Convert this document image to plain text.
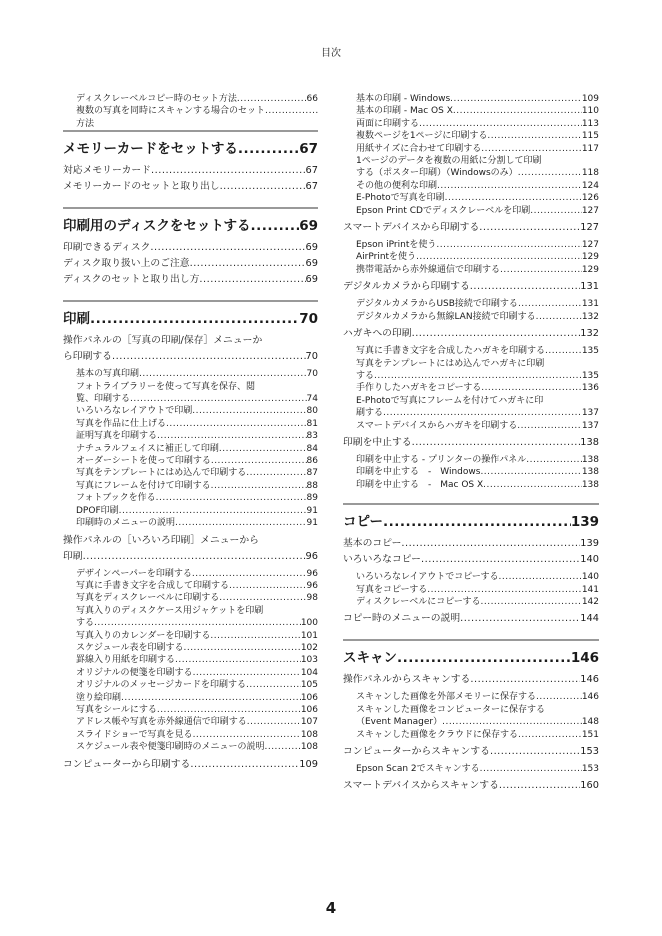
目次
ディスクレーベルコピー時のセット方法 .....	66
複数の写真を同時にスキャンする場合のセット
.....
方法
メモリーカードをセットする .....	67
対応メモリーカード .....	67
メモリーカードのセットと取り出し .....	67
印刷用のディスクをセットする .....	69
印刷できるディスク .....	69
ディスク取り扱い上のご注意 .....	69
ディスクのセットと取り出し方 .....	69
印刷 .....	70
操作パネルの［写真の印刷/保存］メニューか
ら印刷する .....	70
基本の写真印刷 .....	70
フォトライブラリーを使って写真を保存、閲
覧、印刷する .....	74
いろいろなレイアウトで印刷 .....	80
写真を作品に仕上げる .....	81
証明写真を印刷する .....	83
ナチュラルフェイスに補正して印刷 .....	84
オーダーシートを使って印刷する .....	86
写真をテンプレートにはめ込んで印刷する .....	87
写真にフレームを付けて印刷する .....	88
フォトブックを作る .....	89
DPOF印刷 .....	91
印刷時のメニューの説明 .....	91
操作パネルの［いろいろ印刷］メニューから
印刷 .....	96
デザインペーパーを印刷する .....	96
写真に手書き文字を合成して印刷する .....	96
写真をディスクレーベルに印刷する .....	98
写真入りのディスクケース用ジャケットを印刷
する .....	100
写真入りのカレンダーを印刷する .....	101
スケジュール表を印刷する .....	102
罫線入り用紙を印刷する .....	103
オリジナルの便箋を印刷する .....	104
オリジナルのメッセージカードを印刷する .....	105
塗り絵印刷 .....	106
写真をシールにする .....	106
アドレス帳や写真を赤外線通信で印刷する .....	107
スライドショーで写真を見る .....	108
スケジュール表や便箋印刷時のメニューの説明 .....	108
コンピューターから印刷する .....	109
基本の印刷 - Windows .....	109
基本の印刷 - Mac OS X .....	110
両面に印刷する .....	113
複数ページを1ページに印刷する .....	115
用紙サイズに合わせて印刷する .....	117
1ページのデータを複数の用紙に分割して印刷
する（ポスター印刷）（Windowsのみ） .....	118
その他の便利な印刷 .....	124
E-Photoで写真を印刷 .....	126
Epson Print CDでディスクレーベルを印刷 .....	127
スマートデバイスから印刷する .....	127
Epson iPrintを使う .....	127
AirPrintを使う .....	129
携帯電話から赤外線通信で印刷する .....	129
デジタルカメラから印刷する .....	131
デジタルカメラからUSB接続で印刷する .....	131
デジタルカメラから無線LAN接続で印刷する .....	132
ハガキへの印刷 .....	132
写真に手書き文字を合成したハガキを印刷する .....	135
写真をテンプレートにはめ込んでハガキに印刷
する .....	135
手作りしたハガキをコピーする .....	136
E-Photoで写真にフレームを付けてハガキに印
刷する .....	137
スマートデバイスからハガキを印刷する .....	137
印刷を中止する .....	138
印刷を中止する - プリンターの操作パネル .....	138
印刷を中止する　-　Windows .....	138
印刷を中止する　-　Mac OS X .....	138
コピー .....	139
基本のコピー .....	139
いろいろなコピー .....	140
いろいろなレイアウトでコピーする .....	140
写真をコピーする .....	141
ディスクレーベルにコピーする .....	142
コピー時のメニューの説明 .....	144
スキャン .....	146
操作パネルからスキャンする .....	146
スキャンした画像を外部メモリーに保存する .....	146
スキャンした画像をコンピューターに保存する
（Event Manager） .....	148
スキャンした画像をクラウドに保存する .....	151
コンピューターからスキャンする .....	153
Epson Scan 2でスキャンする .....	153
スマートデバイスからスキャンする .....	160
4
